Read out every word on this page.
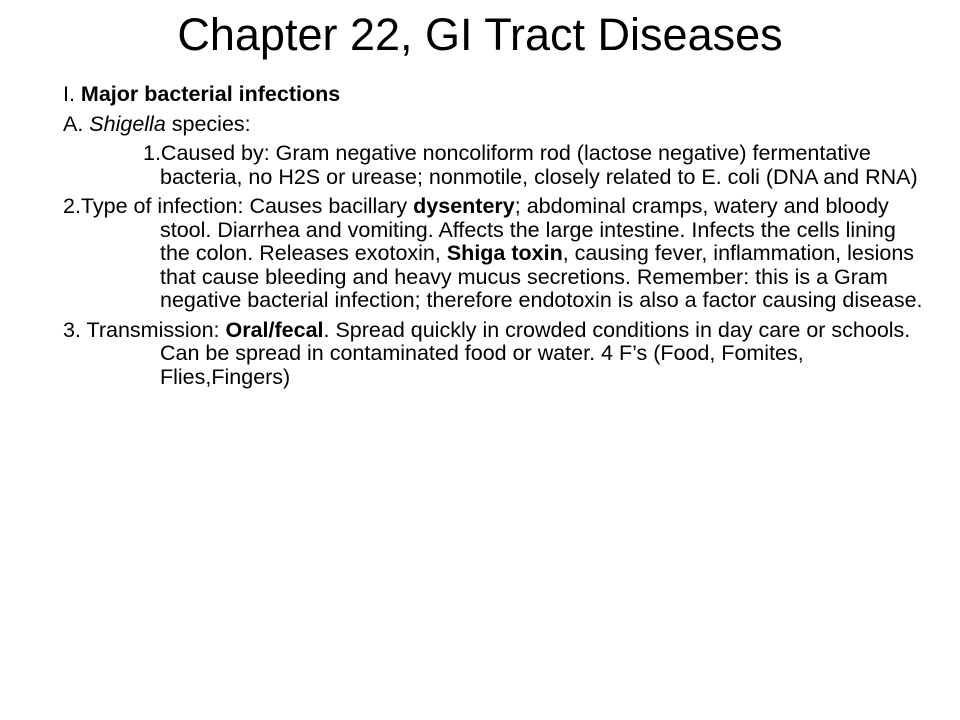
Chapter 22, GI Tract Diseases

I. Major bacterial infections

A. Shigella species:

1.Caused by: Gram negative noncoliform rod (lactose negative) fermentative bacteria, no H2S or urease; nonmotile, closely related to E. coli (DNA and RNA)

2.Type of infection: Causes bacillary dysentery; abdominal cramps, watery and bloody stool. Diarrhea and vomiting. Affects the large intestine. Infects the cells lining the colon. Releases exotoxin, Shiga toxin, causing fever, inflammation, lesions that cause bleeding and heavy mucus secretions. Remember: this is a Gram negative bacterial infection; therefore endotoxin is also a factor causing disease.

3. Transmission: Oral/fecal. Spread quickly in crowded conditions in day care or schools. Can be spread in contaminated food or water. 4 F’s (Food, Fomites, Flies,Fingers)
